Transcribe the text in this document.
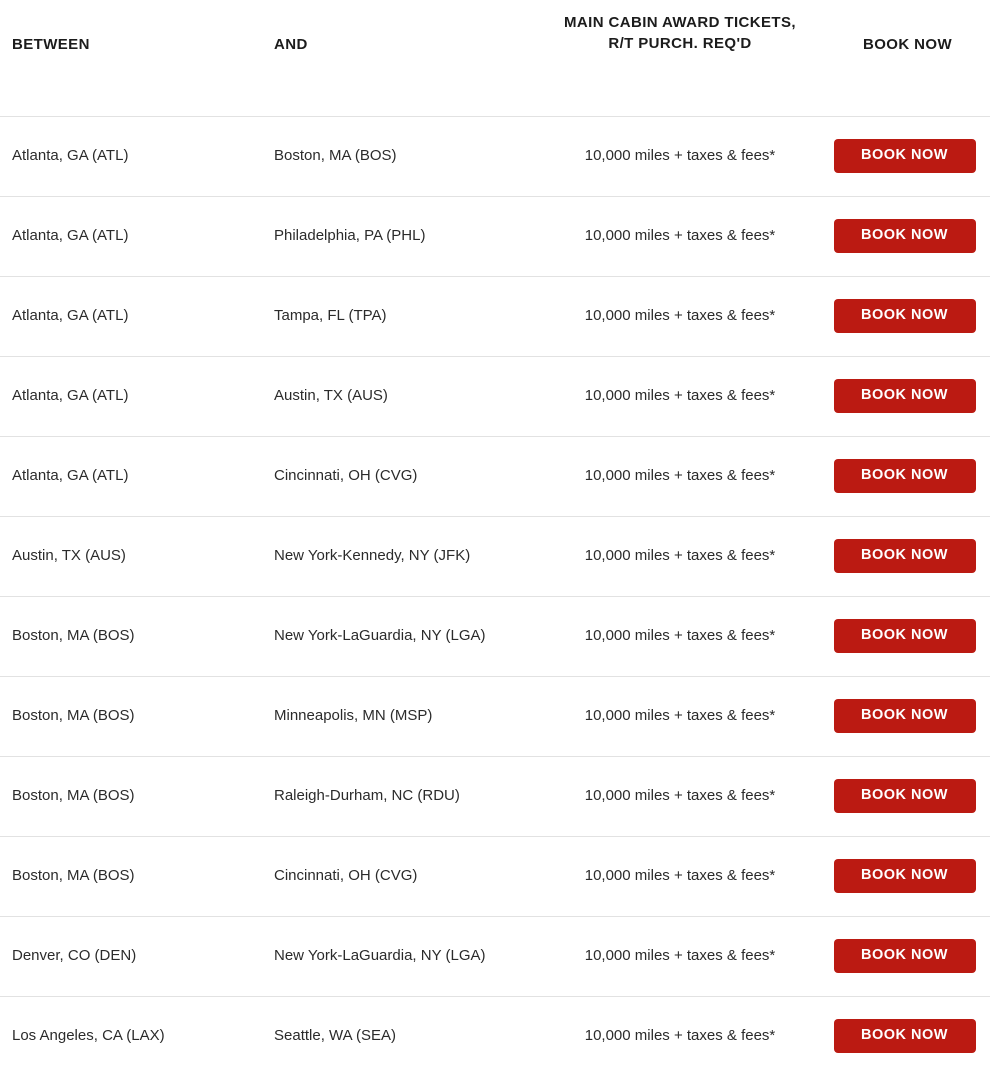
BETWEEN	AND	MAIN CABIN AWARD TICKETS,
R/T PURCH. REQ'D	BOOK NOW
Atlanta, GA (ATL)	Boston, MA (BOS)	10,000 miles + taxes & fees*	BOOK NOW
Atlanta, GA (ATL)	Philadelphia, PA (PHL)	10,000 miles + taxes & fees*	BOOK NOW
Atlanta, GA (ATL)	Tampa, FL (TPA)	10,000 miles + taxes & fees*	BOOK NOW
Atlanta, GA (ATL)	Austin, TX (AUS)	10,000 miles + taxes & fees*	BOOK NOW
Atlanta, GA (ATL)	Cincinnati, OH (CVG)	10,000 miles + taxes & fees*	BOOK NOW
Austin, TX (AUS)	New York-Kennedy, NY (JFK)	10,000 miles + taxes & fees*	BOOK NOW
Boston, MA (BOS)	New York-LaGuardia, NY (LGA)	10,000 miles + taxes & fees*	BOOK NOW
Boston, MA (BOS)	Minneapolis, MN (MSP)	10,000 miles + taxes & fees*	BOOK NOW
Boston, MA (BOS)	Raleigh-Durham, NC (RDU)	10,000 miles + taxes & fees*	BOOK NOW
Boston, MA (BOS)	Cincinnati, OH (CVG)	10,000 miles + taxes & fees*	BOOK NOW
Denver, CO (DEN)	New York-LaGuardia, NY (LGA)	10,000 miles + taxes & fees*	BOOK NOW
Los Angeles, CA (LAX)	Seattle, WA (SEA)	10,000 miles + taxes & fees*	BOOK NOW
